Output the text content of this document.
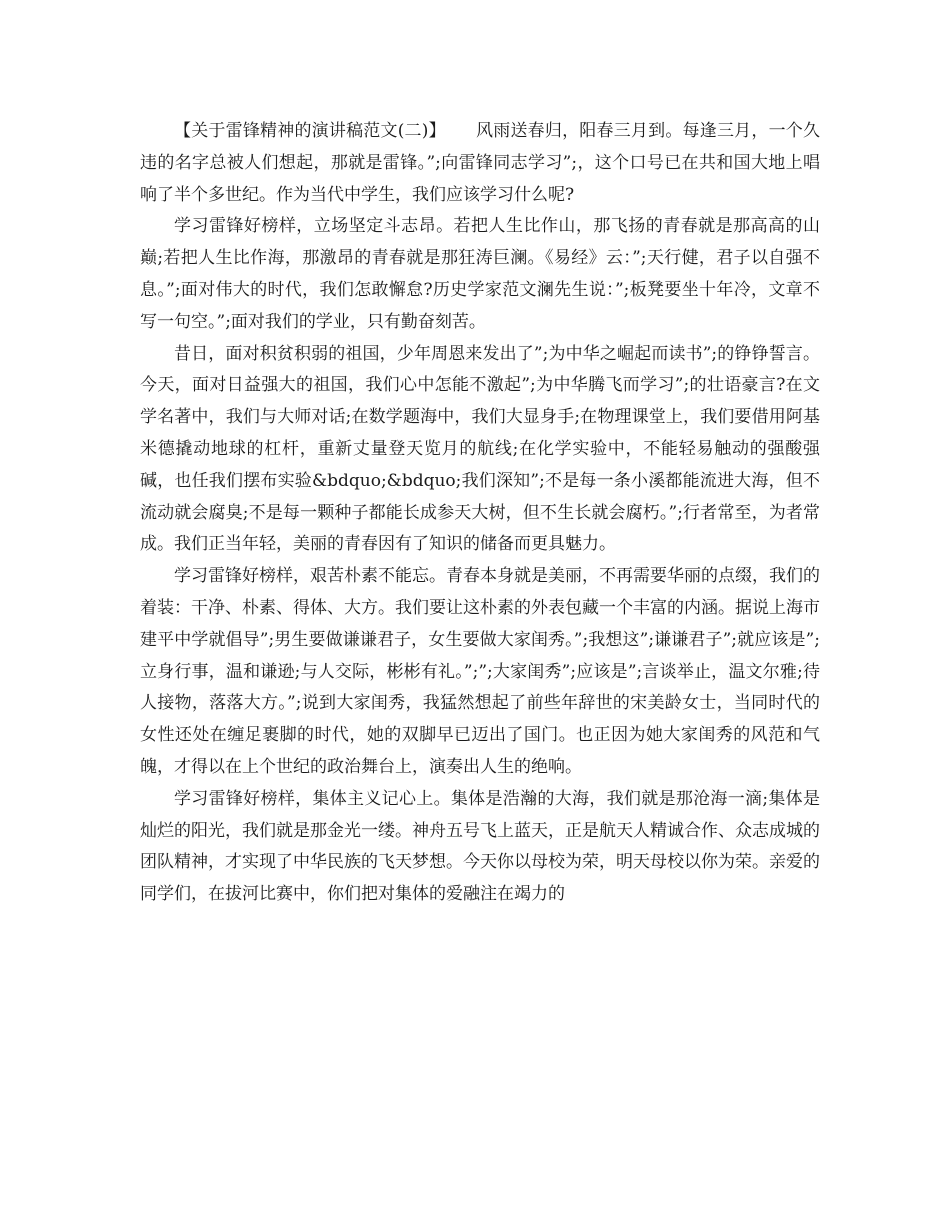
【关于雷锋精神的演讲稿范文(二)】 风雨送春归，阳春三月到。每逢三月，一个久违的名字总被人们想起，那就是雷锋。”;向雷锋同志学习”;，这个口号已在共和国大地上唱响了半个多世纪。作为当代中学生，我们应该学习什么呢?

学习雷锋好榜样，立场坚定斗志昂。若把人生比作山，那飞扬的青春就是那高高的山巅;若把人生比作海，那激昂的青春就是那狂涛巨澜。《易经》云：”;天行健，君子以自强不息。”;面对伟大的时代，我们怎敢懈怠?历史学家范文澜先生说：”;板凳要坐十年冷，文章不写一句空。”;面对我们的学业，只有勤奋刻苦。

昔日，面对积贫积弱的祖国，少年周恩来发出了”;为中华之崛起而读书”;的铮铮誓言。今天，面对日益强大的祖国，我们心中怎能不激起”;为中华腾飞而学习”;的壮语豪言?在文学名著中，我们与大师对话;在数学题海中，我们大显身手;在物理课堂上，我们要借用阿基米德撬动地球的杠杆，重新丈量登天览月的航线;在化学实验中，不能轻易触动的强酸强碱，也任我们摆布实验&bdquo;&bdquo;我们深知”;不是每一条小溪都能流进大海，但不流动就会腐臭;不是每一颗种子都能长成参天大树，但不生长就会腐朽。”;行者常至，为者常成。我们正当年轻，美丽的青春因有了知识的储备而更具魅力。

学习雷锋好榜样，艰苦朴素不能忘。青春本身就是美丽，不再需要华丽的点缀，我们的着装：干净、朴素、得体、大方。我们要让这朴素的外表包藏一个丰富的内涵。据说上海市建平中学就倡导”;男生要做谦谦君子，女生要做大家闺秀。”;我想这”;谦谦君子”;就应该是”;立身行事，温和谦逊;与人交际，彬彬有礼。”;”;大家闺秀”;应该是”;言谈举止，温文尔雅;待人接物，落落大方。”;说到大家闺秀，我猛然想起了前些年辞世的宋美龄女士，当同时代的女性还处在缠足裹脚的时代，她的双脚早已迈出了国门。也正因为她大家闺秀的风范和气魄，才得以在上个世纪的政治舞台上，演奏出人生的绝响。

学习雷锋好榜样，集体主义记心上。集体是浩瀚的大海，我们就是那沧海一滴;集体是灿烂的阳光，我们就是那金光一缕。神舟五号飞上蓝天，正是航天人精诚合作、众志成城的团队精神，才实现了中华民族的飞天梦想。今天你以母校为荣，明天母校以你为荣。亲爱的同学们，在拔河比赛中，你们把对集体的爱融注在竭力的
